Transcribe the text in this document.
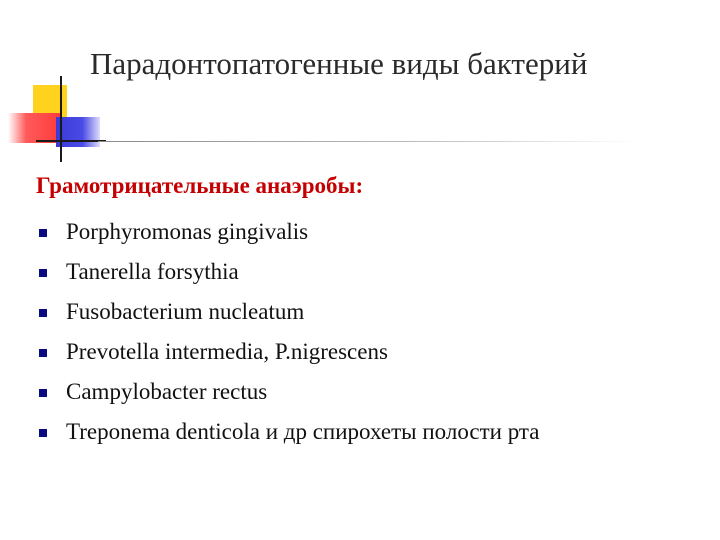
Парадонтопатогенные виды бактерий
Грамотрицательные анаэробы:
Porphyromonas gingivalis
Tanerella forsythia
Fusobacterium nucleatum
Prevotella intermedia, P.nigrescens
Campylobacter rectus
Treponema denticola и др спирохеты полости рта
